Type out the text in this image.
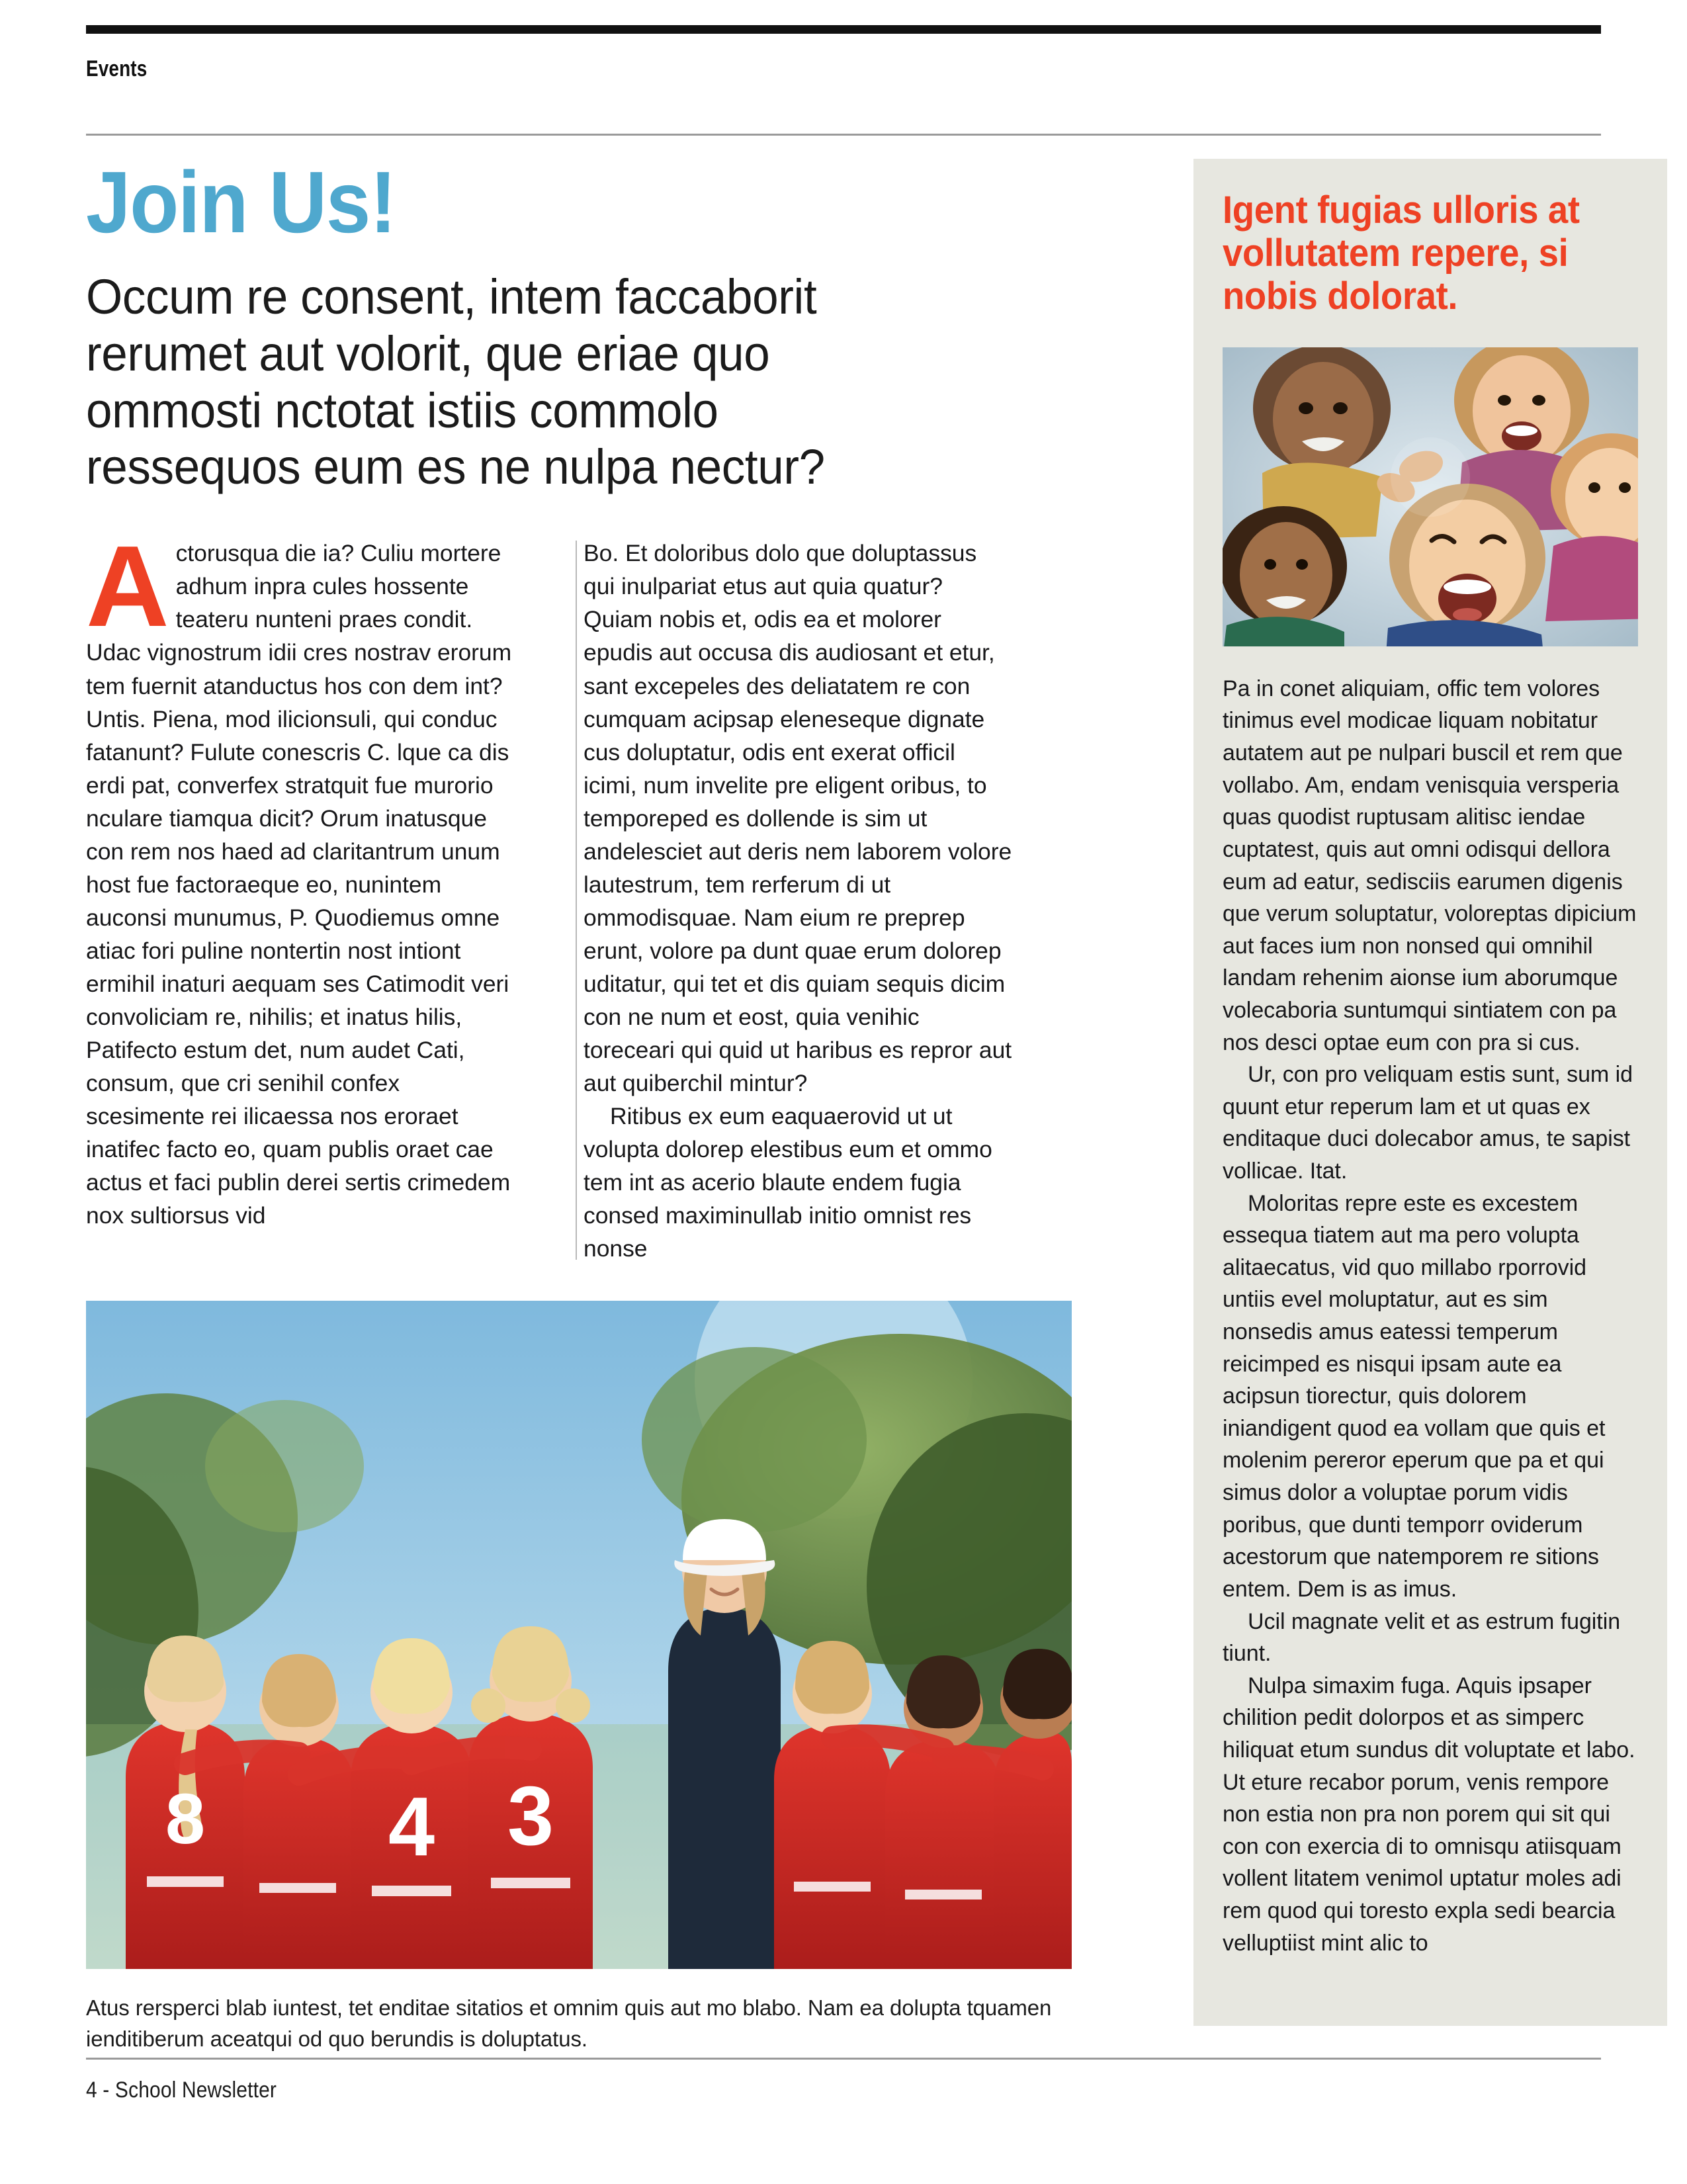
Events
Join Us!

Occum re consent, intem faccaborit rerumet aut volorit, que eriae quo ommosti nctotat istiis commolo ressequos eum es ne nulpa nectur?

Actorusqua die ia? Culiu mortere adhum inpra cules hossente teateru nunteni praes condit. Udac vignostrum idii cres nostrav erorum tem fuernit atanductus hos con dem int? Untis. Piena, mod ilicionsuli, qui conduc fatanunt? Fulute conescris C. lque ca dis erdi pat, converfex stratquit fue murorio nculare tiamqua dicit? Orum inatusque con rem nos haed ad claritantrum unum host fue factoraeque eo, nunintem auconsi munumus, P. Quodiemus omne atiac fori puline nontertin nost intiont ermihil inaturi aequam ses Catimodit veri convoliciam re, nihilis; et inatus hilis, Patifecto estum det, num audet Cati, consum, que cri senihil confex scesimente rei ilicaessa nos eroraet inatifec facto eo, quam publis oraet cae actus et faci publin derei sertis crimedem nox sultiorsus vid

Bo. Et doloribus dolo que doluptassus qui inulpariat etus aut quia quatur? Quiam nobis et, odis ea et molorer epudis aut occusa dis audiosant et etur, sant excepeles des deliatatem re con cumquam acipsap eleneseque dignate cus doluptatur, odis ent exerat officil icimi, num invelite pre eligent oribus, to temporeped es dollende is sim ut andelesciet aut deris nem laborem volore lautestrum, tem rerferum di ut ommodisquae. Nam eium re preprep erunt, volore pa dunt quae erum dolorep uditatur, qui tet et dis quiam sequis dicim con ne num et eost, quia venihic toreceari qui quid ut haribus es repror aut aut quiberchil mintur?

Ritibus ex eum eaquaerovid ut ut volupta dolorep elestibus eum et ommo tem int as acerio blaute endem fugia consed maximinullab initio omnist res nonse

8 4 3

Atus rersperci blab iuntest, tet enditae sitatios et omnim quis aut mo blabo. Nam ea dolupta tquamen ienditiberum aceatqui od quo berundis is doluptatus.

Igent fugias ulloris at vollutatem repere, si nobis dolorat.

Pa in conet aliquiam, offic tem volores tinimus evel modicae liquam nobitatur autatem aut pe nulpari buscil et rem que vollabo. Am, endam venisquia versperia quas quodist ruptusam alitisc iendae cuptatest, quis aut omni odisqui dellora eum ad eatur, sedisciis earumen digenis que verum soluptatur, voloreptas dipicium aut faces ium non nonsed qui omnihil landam rehenim aionse ium aborumque volecaboria suntumqui sintiatem con pa nos desci optae eum con pra si cus.

Ur, con pro veliquam estis sunt, sum id quunt etur reperum lam et ut quas ex enditaque duci dolecabor amus, te sapist vollicae. Itat.

Moloritas repre este es excestem essequa tiatem aut ma pero volupta alitaecatus, vid quo millabo rporrovid untiis evel moluptatur, aut es sim nonsedis amus eatessi temperum reicimped es nisqui ipsam aute ea acipsun tiorectur, quis dolorem iniandigent quod ea vollam que quis et molenim pereror eperum que pa et qui simus dolor a voluptae porum vidis poribus, que dunti temporr oviderum acestorum que natemporem re sitions entem. Dem is as imus.

Ucil magnate velit et as estrum fugitin tiunt.

Nulpa simaxim fuga. Aquis ipsaper chilition pedit dolorpos et as simperc hiliquat etum sundus dit voluptate et labo. Ut eture recabor porum, venis rempore non estia non pra non porem qui sit qui con con exercia di to omnisqu atiisquam vollent litatem venimol uptatur moles adi rem quod qui toresto expla sedi bearcia velluptiist mint alic to

4 - School Newsletter
